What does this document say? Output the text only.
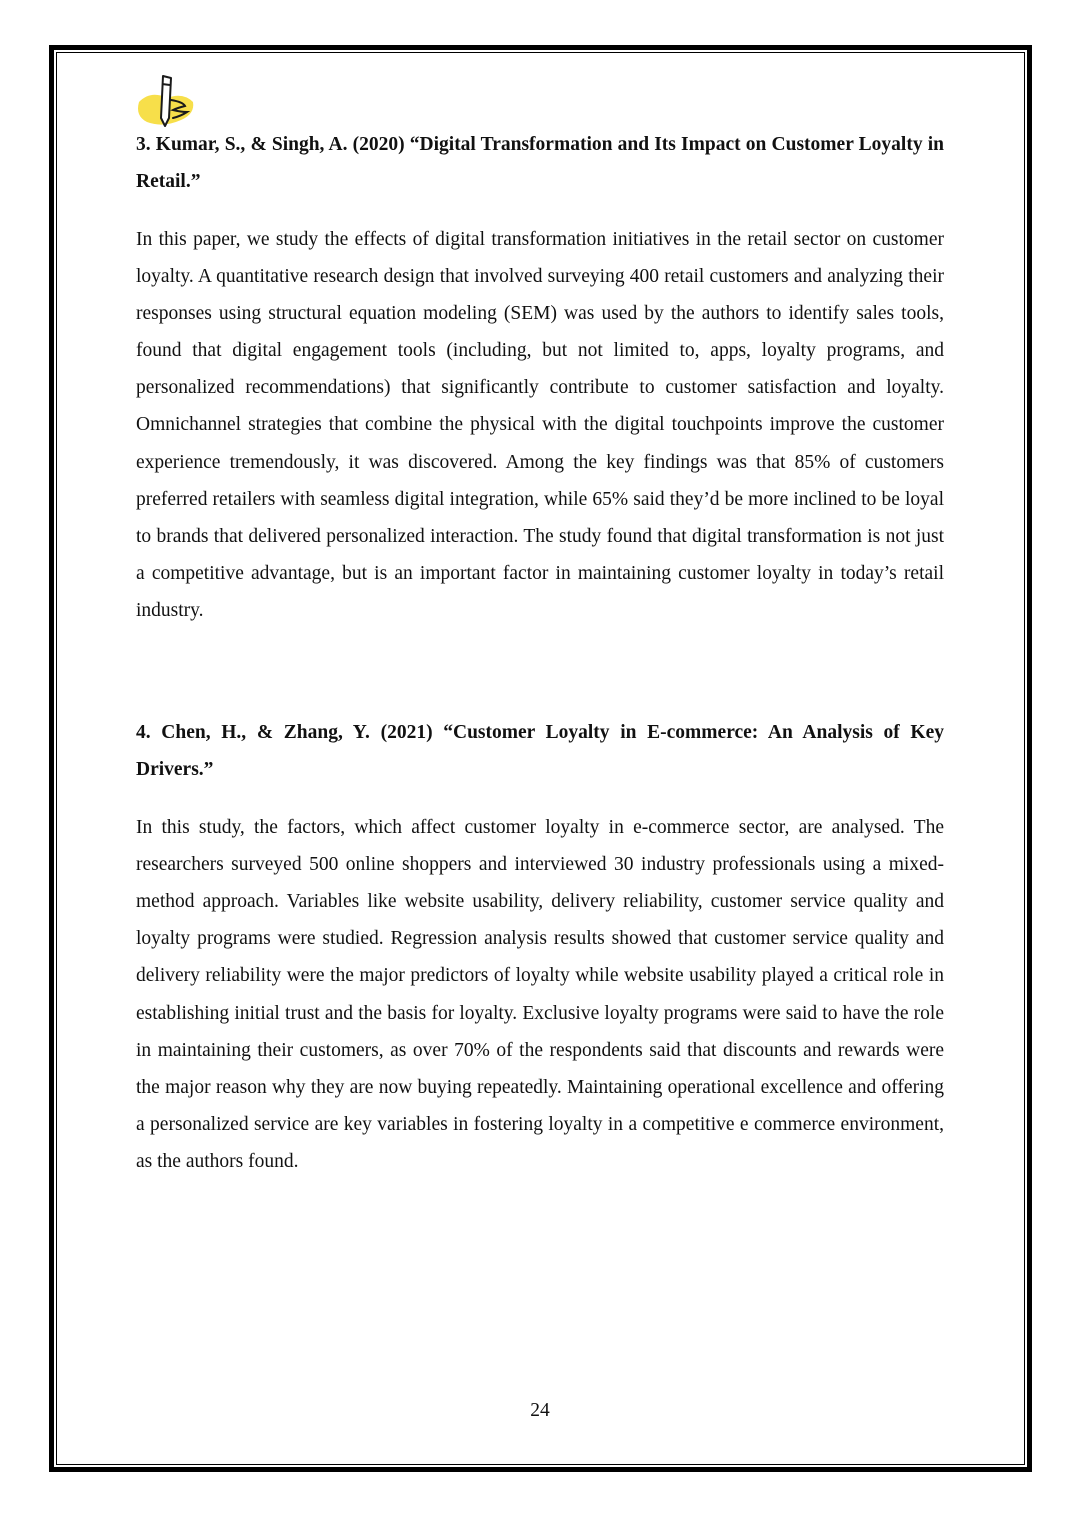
3. Kumar, S., & Singh, A. (2020) “Digital Transformation and Its Impact on Customer Loyalty in Retail.”

In this paper, we study the effects of digital transformation initiatives in the retail sector on customer loyalty. A quantitative research design that involved surveying 400 retail customers and analyzing their responses using structural equation modeling (SEM) was used by the authors to identify sales tools, found that digital engagement tools (including, but not limited to, apps, loyalty programs, and personalized recommendations) that significantly contribute to customer satisfaction and loyalty. Omnichannel strategies that combine the physical with the digital touchpoints improve the customer experience tremendously, it was discovered. Among the key findings was that 85% of customers preferred retailers with seamless digital integration, while 65% said they’d be more inclined to be loyal to brands that delivered personalized interaction. The study found that digital transformation is not just a competitive advantage, but is an important factor in maintaining customer loyalty in today’s retail industry.

4. Chen, H., & Zhang, Y. (2021) “Customer Loyalty in E-commerce: An Analysis of Key Drivers.”

In this study, the factors, which affect customer loyalty in e-commerce sector, are analysed. The researchers surveyed 500 online shoppers and interviewed 30 industry professionals using a mixed-method approach. Variables like website usability, delivery reliability, customer service quality and loyalty programs were studied. Regression analysis results showed that customer service quality and delivery reliability were the major predictors of loyalty while website usability played a critical role in establishing initial trust and the basis for loyalty. Exclusive loyalty programs were said to have the role in maintaining their customers, as over 70% of the respondents said that discounts and rewards were the major reason why they are now buying repeatedly. Maintaining operational excellence and offering a personalized service are key variables in fostering loyalty in a competitive e commerce environment, as the authors found.

24
